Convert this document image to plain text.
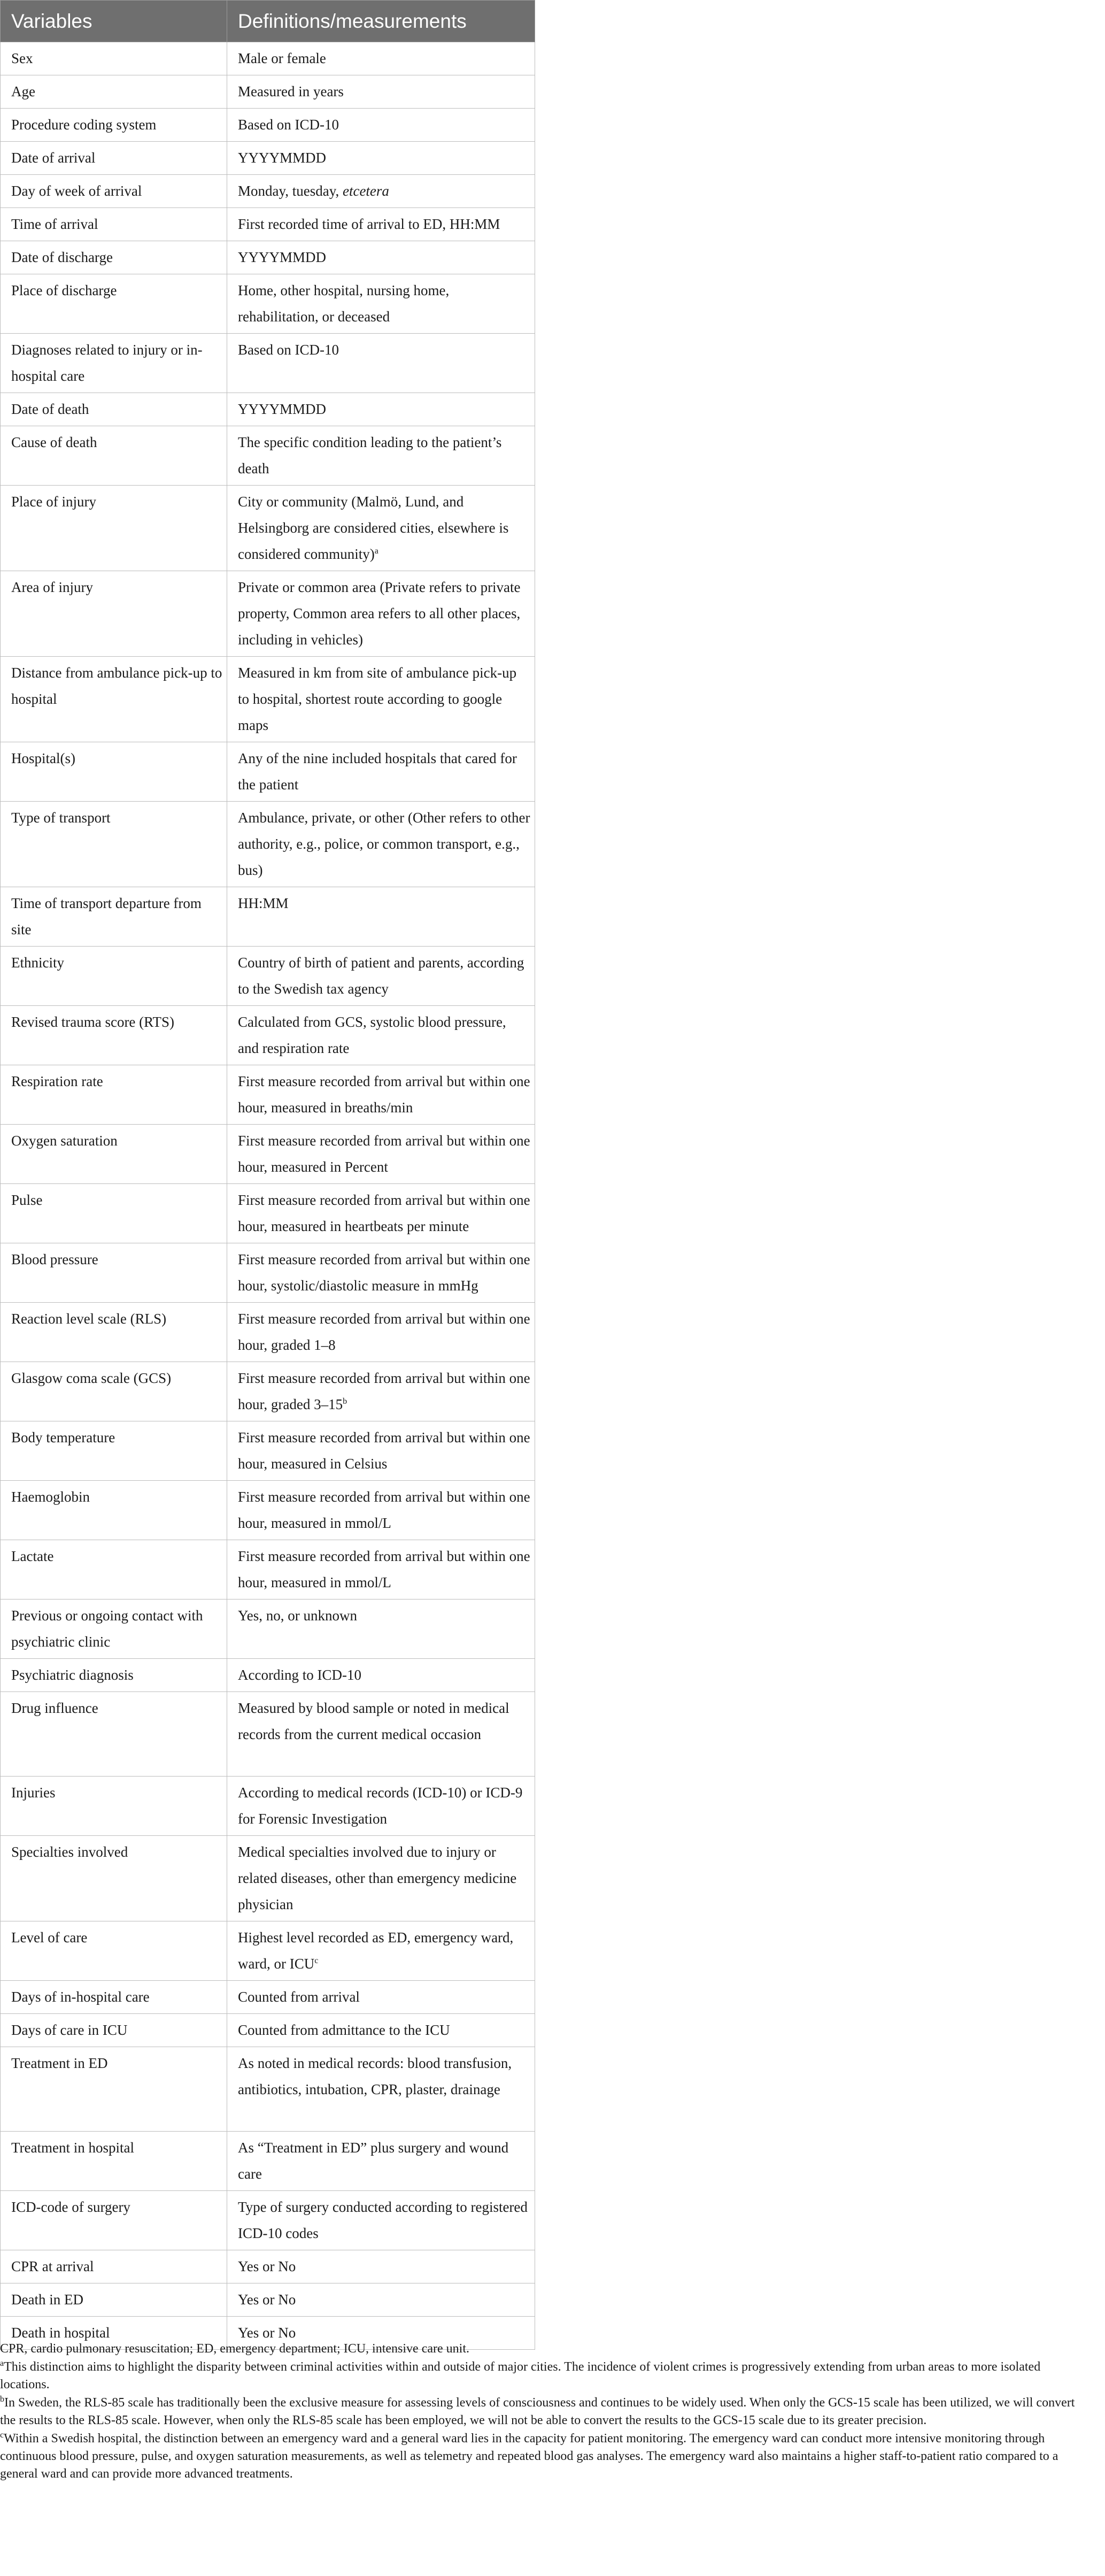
Variables	Definitions/measurements
Sex	Male or female
Age	Measured in years
Procedure coding system	Based on ICD-10
Date of arrival	YYYYMMDD
Day of week of arrival	Monday, tuesday, etcetera
Time of arrival	First recorded time of arrival to ED, HH:MM
Date of discharge	YYYYMMDD
Place of discharge	Home, other hospital, nursing home, rehabilitation, or deceased
Diagnoses related to injury or in-hospital care	Based on ICD-10
Date of death	YYYYMMDD
Cause of death	The specific condition leading to the patient’s death
Place of injury	City or community (Malmö, Lund, and Helsingborg are considered cities, elsewhere is considered community)$^a$
Area of injury	Private or common area (Private refers to private property, Common area refers to all other places, including in vehicles)
Distance from ambulance pick-up to hospital	Measured in km from site of ambulance pick-up to hospital, shortest route according to google maps
Hospital(s)	Any of the nine included hospitals that cared for the patient
Type of transport	Ambulance, private, or other (Other refers to other authority, e.g., police, or common transport, e.g., bus)
Time of transport departure from site	HH:MM
Ethnicity	Country of birth of patient and parents, according to the Swedish tax agency
Revised trauma score (RTS)	Calculated from GCS, systolic blood pressure, and respiration rate
Respiration rate	First measure recorded from arrival but within one hour, measured in breaths/min
Oxygen saturation	First measure recorded from arrival but within one hour, measured in Percent
Pulse	First measure recorded from arrival but within one hour, measured in heartbeats per minute
Blood pressure	First measure recorded from arrival but within one hour, systolic/diastolic measure in mmHg
Reaction level scale (RLS)	First measure recorded from arrival but within one hour, graded 1–8
Glasgow coma scale (GCS)	First measure recorded from arrival but within one hour, graded 3–15$^b$
Body temperature	First measure recorded from arrival but within one hour, measured in Celsius
Haemoglobin	First measure recorded from arrival but within one hour, measured in mmol/L
Lactate	First measure recorded from arrival but within one hour, measured in mmol/L
Previous or ongoing contact with psychiatric clinic	Yes, no, or unknown
Psychiatric diagnosis	According to ICD-10
Drug influence	Measured by blood sample or noted in medical records from the current medical occasion
Injuries	According to medical records (ICD-10) or ICD-9 for Forensic Investigation
Specialties involved	Medical specialties involved due to injury or related diseases, other than emergency medicine physician
Level of care	Highest level recorded as ED, emergency ward, ward, or ICU$^c$
Days of in-hospital care	Counted from arrival
Days of care in ICU	Counted from admittance to the ICU
Treatment in ED	As noted in medical records: blood transfusion, antibiotics, intubation, CPR, plaster, drainage
Treatment in hospital	As “Treatment in ED” plus surgery and wound care
ICD-code of surgery	Type of surgery conducted according to registered ICD-10 codes
CPR at arrival	Yes or No
Death in ED	Yes or No
Death in hospital	Yes or No

CPR, cardio pulmonary resuscitation; ED, emergency department; ICU, intensive care unit.

$^a$This distinction aims to highlight the disparity between criminal activities within and outside of major cities. The incidence of violent crimes is progressively extending from urban areas to more isolated locations.

$^b$In Sweden, the RLS-85 scale has traditionally been the exclusive measure for assessing levels of consciousness and continues to be widely used. When only the GCS-15 scale has been utilized, we will convert the results to the RLS-85 scale. However, when only the RLS-85 scale has been employed, we will not be able to convert the results to the GCS-15 scale due to its greater precision.

$^c$Within a Swedish hospital, the distinction between an emergency ward and a general ward lies in the capacity for patient monitoring. The emergency ward can conduct more intensive monitoring through continuous blood pressure, pulse, and oxygen saturation measurements, as well as telemetry and repeated blood gas analyses. The emergency ward also maintains a higher staff-to-patient ratio compared to a general ward and can provide more advanced treatments.
